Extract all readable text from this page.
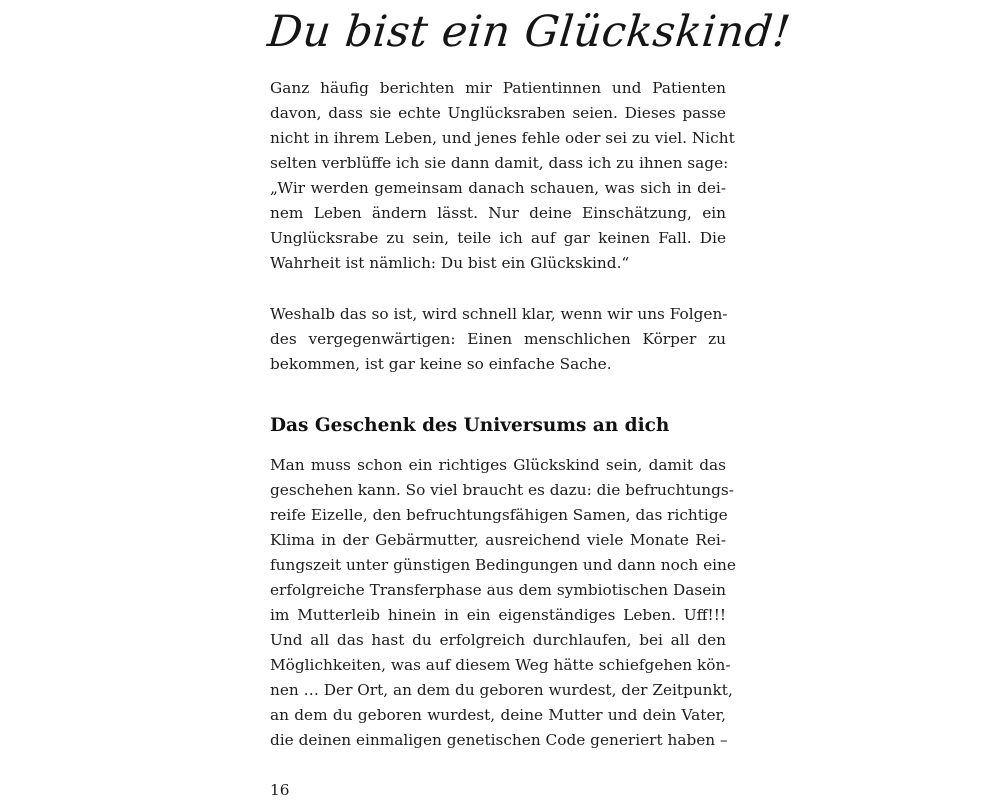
Du bist ein Glückskind!
Ganz häufig berichten mir Patientinnen und Patienten
davon, dass sie echte Unglücksraben seien. Dieses passe
nicht in ihrem Leben, und jenes fehle oder sei zu viel. Nicht
selten verblüffe ich sie dann damit, dass ich zu ihnen sage:
„Wir werden gemeinsam danach schauen, was sich in dei-
nem Leben ändern lässt. Nur deine Einschätzung, ein
Unglücksrabe zu sein, teile ich auf gar keinen Fall. Die
Wahrheit ist nämlich: Du bist ein Glückskind.“
Weshalb das so ist, wird schnell klar, wenn wir uns Folgen-
des vergegenwärtigen: Einen menschlichen Körper zu
bekommen, ist gar keine so einfache Sache.
Das Geschenk des Universums an dich
Man muss schon ein richtiges Glückskind sein, damit das
geschehen kann. So viel braucht es dazu: die befruchtungs-
reife Eizelle, den befruchtungsfähigen Samen, das richtige
Klima in der Gebärmutter, ausreichend viele Monate Rei-
fungszeit unter günstigen Bedingungen und dann noch eine
erfolgreiche Transferphase aus dem symbiotischen Dasein
im Mutterleib hinein in ein eigenständiges Leben. Uff!!!
Und all das hast du erfolgreich durchlaufen, bei all den
Möglichkeiten, was auf diesem Weg hätte schiefgehen kön-
nen … Der Ort, an dem du geboren wurdest, der Zeitpunkt,
an dem du geboren wurdest, deine Mutter und dein Vater,
die deinen einmaligen genetischen Code generiert haben –

16
